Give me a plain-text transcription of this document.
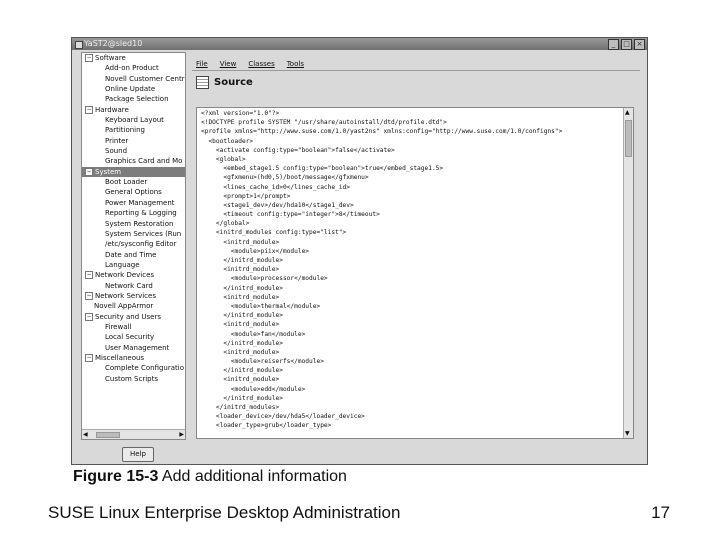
YaST2@sled10	_	□ ×
− Software
Add-on Product
Novell Customer Centr
Online Update
Package Selection
− Hardware
Keyboard Layout
Partitioning
Printer
Sound
Graphics Card and Mo
− System
Boot Loader
General Options
Power Management
Reporting & Logging
System Restoration
System Services (Run
/etc/sysconfig Editor
Date and Time
Language
− Network Devices
Network Card
− Network Services
Novell AppArmor
− Security and Users
Firewall
Local Security
User Management
− Miscellaneous
Complete Configuratio
Custom Scripts
◀	▶
Help
File View Classes Tools
Source
<?xml version="1.0"?>
<!DOCTYPE profile SYSTEM "/usr/share/autoinstall/dtd/profile.dtd">
<profile xmlns="http://www.suse.com/1.0/yast2ns" xmlns:config="http://www.suse.com/1.0/configns">
<bootloader>
<activate config:type="boolean">false</activate>
<global>
<embed_stage1.5 config:type="boolean">true</embed_stage1.5>
<gfxmenu>(hd0,5)/boot/message</gfxmenu>
<lines_cache_id>0</lines_cache_id>
<prompt>1</prompt>
<stage1_dev>/dev/hda10</stage1_dev>
<timeout config:type="integer">8</timeout>
</global>
<initrd_modules config:type="list">
<initrd_module>
<module>piix</module>
</initrd_module>
<initrd_module>
<module>processor</module>
</initrd_module>
<initrd_module>
<module>thermal</module>
</initrd_module>
<initrd_module>
<module>fan</module>
</initrd_module>
<initrd_module>
<module>reiserfs</module>
</initrd_module>
<initrd_module>
<module>edd</module>
</initrd_module>
</initrd_modules>
<loader_device>/dev/hda5</loader_device>
<loader_type>grub</loader_type>
▲
▼
Figure 15-3 Add additional information
SUSE Linux Enterprise Desktop Administration	17
